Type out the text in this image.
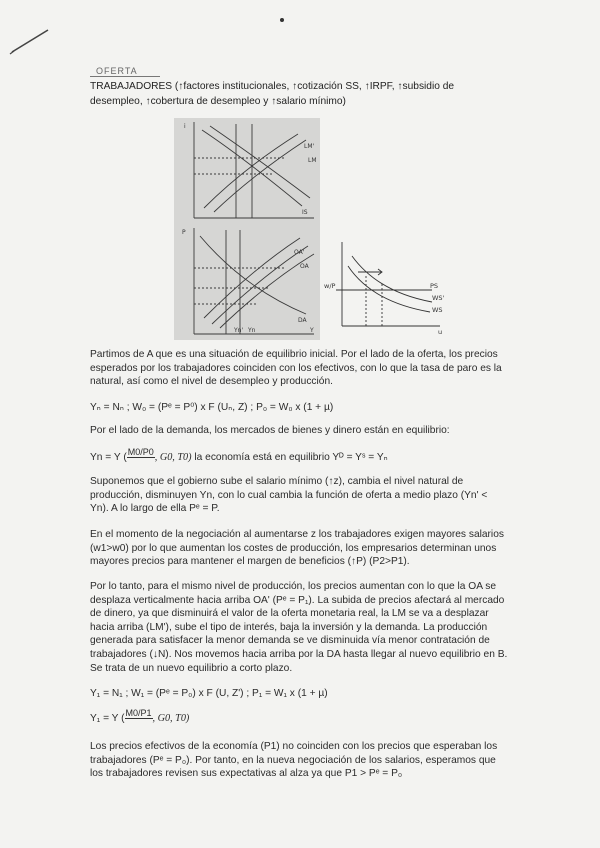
OFERTA
TRABAJADORES (↑factores institucionales, ↑cotización SS, ↑IRPF, ↑subsidio de desempleo, ↑cobertura de desempleo y ↑salario mínimo)
i
LM'
LM
IS
P
OA'
OA
DA
Yn' Yn	Y
w/P	PS
WS'
WS
u

Partimos de A que es una situación de equilibrio inicial. Por el lado de la oferta, los precios esperados por los trabajadores coinciden con los efectivos, con lo que la tasa de paro es la natural, así como el nivel de desempleo y producción.

Yₙ = Nₙ ; W₀ = (Pᵉ = P⁰) x F (Uₙ, Z) ; P₀ = W₀ x (1 + µ)

Por el lado de la demanda, los mercados de bienes y dinero están en equilibrio:

Yn = Y (
M0/P0

, G0, T0) la economía está en equilibrio Yᴰ = Yˢ = Yₙ

Suponemos que el gobierno sube el salario mínimo (↑z), cambia el nivel natural de producción, disminuyen Yn, con lo cual cambia la función de oferta a medio plazo (Yn' < Yn). A lo largo de ella Pᵉ = P.

En el momento de la negociación al aumentarse z los trabajadores exigen mayores salarios (w1>w0) por lo que aumentan los costes de producción, los empresarios determinan unos mayores precios para mantener el margen de beneficios (↑P) (P2>P1).

Por lo tanto, para el mismo nivel de producción, los precios aumentan con lo que la OA se desplaza verticalmente hacia arriba OA' (Pᵉ = P₁). La subida de precios afectará al mercado de dinero, ya que disminuirá el valor de la oferta monetaria real, la LM se va a desplazar hacia arriba (LM'), sube el tipo de interés, baja la inversión y la demanda. La producción generada para satisfacer la menor demanda se ve disminuida vía menor contratación de trabajadores (↓N). Nos movemos hacia arriba por la DA hasta llegar al nuevo equilibrio en B. Se trata de un nuevo equilibrio a corto plazo.

Y₁ = N₁ ; W₁ = (Pᵉ = P₀) x F (U, Z') ; P₁ = W₁ x (1 + µ)
Y₁ = Y (
M0/P1

, G0, T0)

Los precios efectivos de la economía (P1) no coinciden con los precios que esperaban los trabajadores (Pᵉ = P₀). Por tanto, en la nueva negociación de los salarios, esperamos que los trabajadores revisen sus expectativas al alza ya que P1 > Pᵉ = P₀
